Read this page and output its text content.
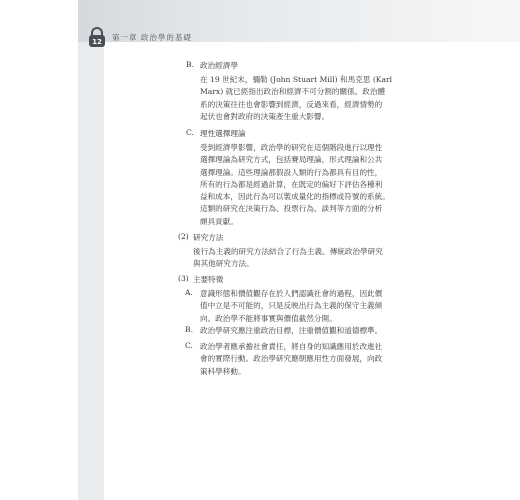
12 第一章 政治學的基礎
B. 政治經濟學
在 19 世紀末，彌勒 (John Stuart Mill) 和馬克思 (Karl
Marx) 就已經指出政治和經濟不可分割的關係。政治體
系的決策往往也會影響到經濟，反過來看，經濟情勢的
起伏也會對政府的決策產生重大影響。
C. 理性選擇理論
受到經濟學影響，政治學的研究在這個階段進行以理性
選擇理論為研究方式，包括賽局理論、形式理論和公共
選擇理論。這些理論都假設人類的行為都具有目的性，
所有的行為都是經過計算，在既定的偏好下評估各種利
益和成本，因此行為可以製成量化的指標或符號的系統。
這類的研究在決策行為、投票行為、談判等方面的分析
頗具貢獻。
(2) 研究方法
後行為主義的研究方法結合了行為主義、傳統政治學研究
與其他研究方法。
(3) 主要特徵
A. 意識形態和價值觀存在於人們認識社會的過程，因此價
值中立是不可能的，只是反映出行為主義的保守主義傾
向。政治學不能將事實與價值截然分開。
B. 政治學研究應注重政治目標，注重價值觀和道德標準。
C. 政治學者應承擔社會責任，將自身的知識應用於改進社
會的實際行動。政治學研究應朝應用性方面發展，向政
策科學移動。
